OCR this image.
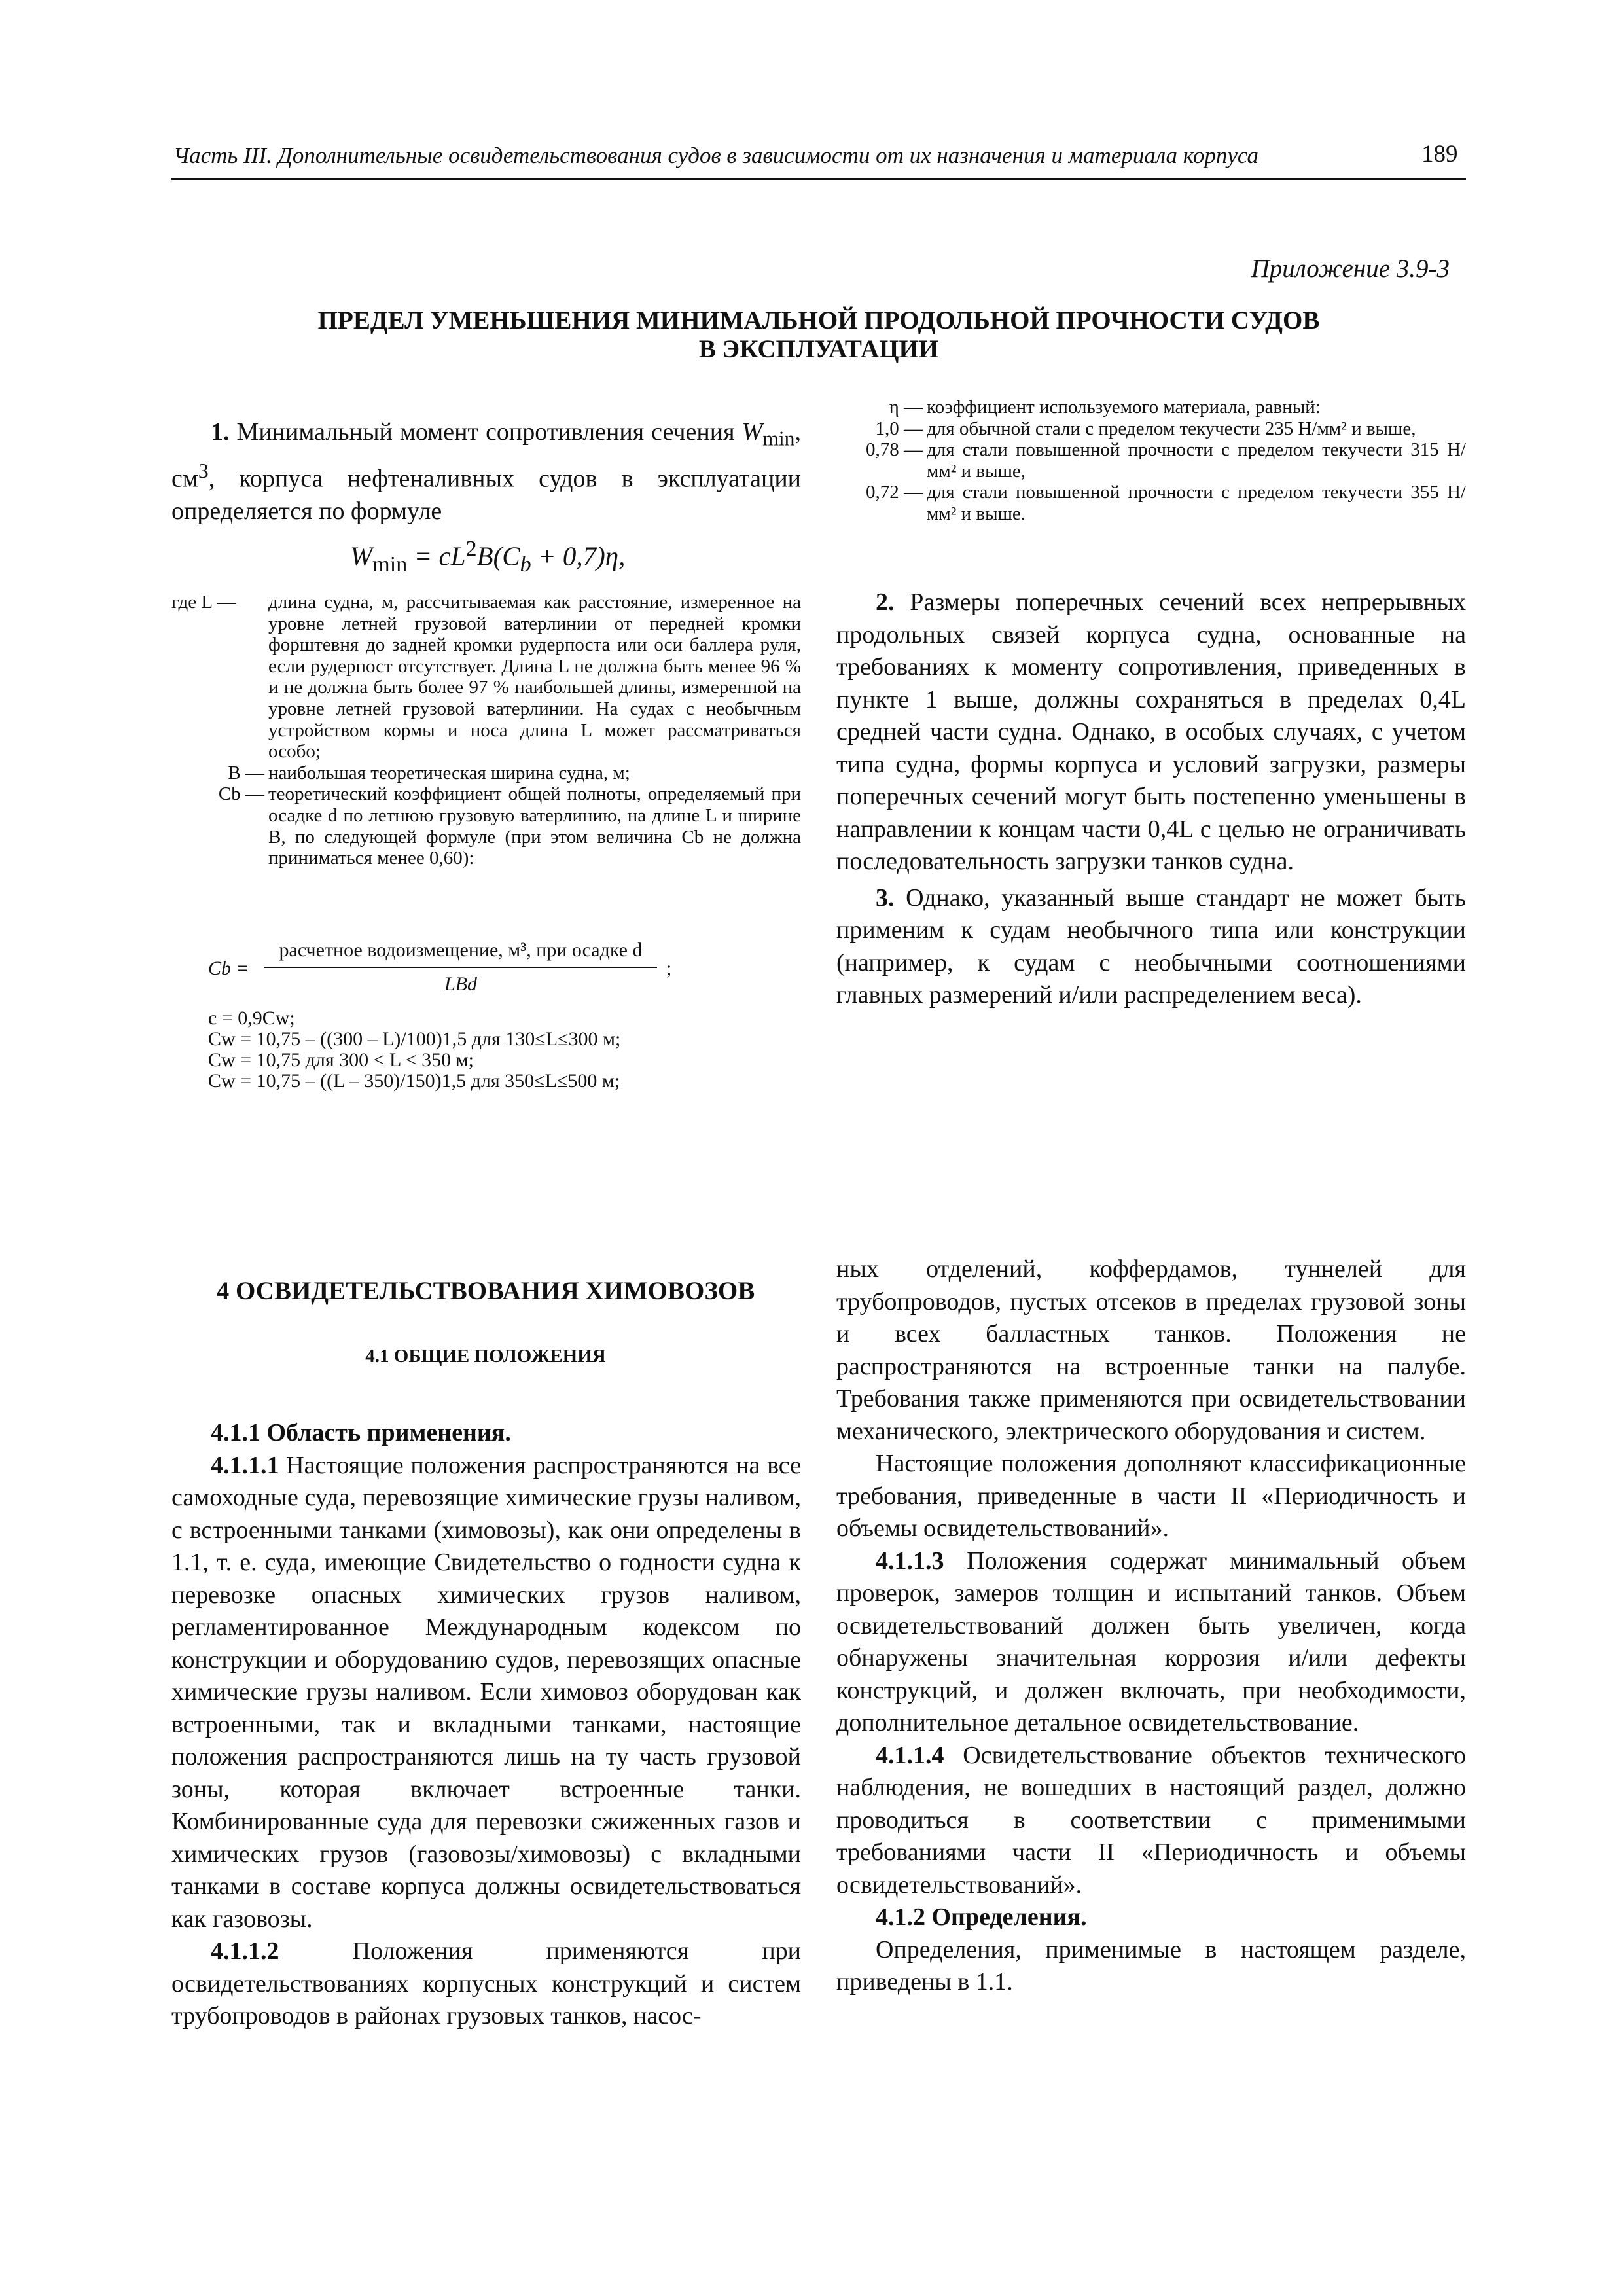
Часть III. Дополнительные освидетельствования судов в зависимости от их назначения и материала корпуса	189
Приложение 3.9-3
ПРЕДЕЛ УМЕНЬШЕНИЯ МИНИМАЛЬНОЙ ПРОДОЛЬНОЙ ПРОЧНОСТИ СУДОВ
В ЭКСПЛУАТАЦИИ

1. Минимальный момент сопротивления сечения $W_{min}$, $см^3$, корпуса нефтеналивных судов в эксплуатации определяется по формуле

$W_{min} = cL^2B(C_b + 0,7)\eta$,
где L —	длина судна, м, рассчитываемая как расстояние, измеренное на уровне летней грузовой ватерлинии от передней кромки форштевня до задней кромки рудерпоста или оси баллера руля, если рудерпост отсутствует. Длина L не должна быть менее 96 % и не должна быть более 97 % наибольшей длины, измеренной на уровне летней грузовой ватерлинии. На судах с необычным устройством кормы и носа длина L может рассматриваться особо;
B — наибольшая теоретическая ширина судна, м;
Cb — теоретический коэффициент общей полноты, определяемый при осадке d по летнюю грузовую ватерлинию, на длине L и ширине B, по следующей формуле (при этом величина Cb не должна приниматься менее 0,60):
Cb =
расчетное водоизмещение, м³, при осадке d
LBd
;
c = 0,9Cw;
Cw = 10,75 – ((300 – L)/100)1,5 для 130≤L≤300 м;
Cw = 10,75 для 300 < L < 350 м;
Cw = 10,75 – ((L – 350)/150)1,5 для 350≤L≤500 м;
η — коэффициент используемого материала, равный:
1,0 — для обычной стали с пределом текучести 235 Н/мм² и выше,
0,78 — для стали повышенной прочности с пределом текучести 315 Н/мм² и выше,
0,72 — для стали повышенной прочности с пределом текучести 355 Н/мм² и выше.

2. Размеры поперечных сечений всех непрерывных продольных связей корпуса судна, основанные на требованиях к моменту сопротивления, приведенных в пункте 1 выше, должны сохраняться в пределах 0,4L средней части судна. Однако, в особых случаях, с учетом типа судна, формы корпуса и условий загрузки, размеры поперечных сечений могут быть постепенно уменьшены в направлении к концам части 0,4L с целью не ограничивать последовательность загрузки танков судна.

3. Однако, указанный выше стандарт не может быть применим к судам необычного типа или конструкции (например, к судам с необычными соотношениями главных размерений и/или распределением веса).

4 ОСВИДЕТЕЛЬСТВОВАНИЯ ХИМОВОЗОВ
4.1 ОБЩИЕ ПОЛОЖЕНИЯ

4.1.1 Область применения.

4.1.1.1 Настоящие положения распространяются на все самоходные суда, перевозящие химические грузы наливом, с встроенными танками (химовозы), как они определены в 1.1, т. е. суда, имеющие Свидетельство о годности судна к перевозке опасных химических грузов наливом, регламентированное Международным кодексом по конструкции и оборудованию судов, перевозящих опасные химические грузы наливом. Если химовоз оборудован как встроенными, так и вкладными танками, настоящие положения распространяются лишь на ту часть грузовой зоны, которая включает встроенные танки. Комбинированные суда для перевозки сжиженных газов и химических грузов (газовозы/химовозы) с вкладными танками в составе корпуса должны освидетельствоваться как газовозы.

4.1.1.2 Положения применяются при освидетельствованиях корпусных конструкций и систем трубопроводов в районах грузовых танков, насос-

ных отделений, коффердамов, туннелей для трубопроводов, пустых отсеков в пределах грузовой зоны и всех балластных танков. Положения не распространяются на встроенные танки на палубе. Требования также применяются при освидетельствовании механического, электрического оборудования и систем.

Настоящие положения дополняют классификационные требования, приведенные в части II «Периодичность и объемы освидетельствований».

4.1.1.3 Положения содержат минимальный объем проверок, замеров толщин и испытаний танков. Объем освидетельствований должен быть увеличен, когда обнаружены значительная коррозия и/или дефекты конструкций, и должен включать, при необходимости, дополнительное детальное освидетельствование.

4.1.1.4 Освидетельствование объектов технического наблюдения, не вошедших в настоящий раздел, должно проводиться в соответствии с применимыми требованиями части II «Периодичность и объемы освидетельствований».

4.1.2 Определения.

Определения, применимые в настоящем разделе, приведены в 1.1.
